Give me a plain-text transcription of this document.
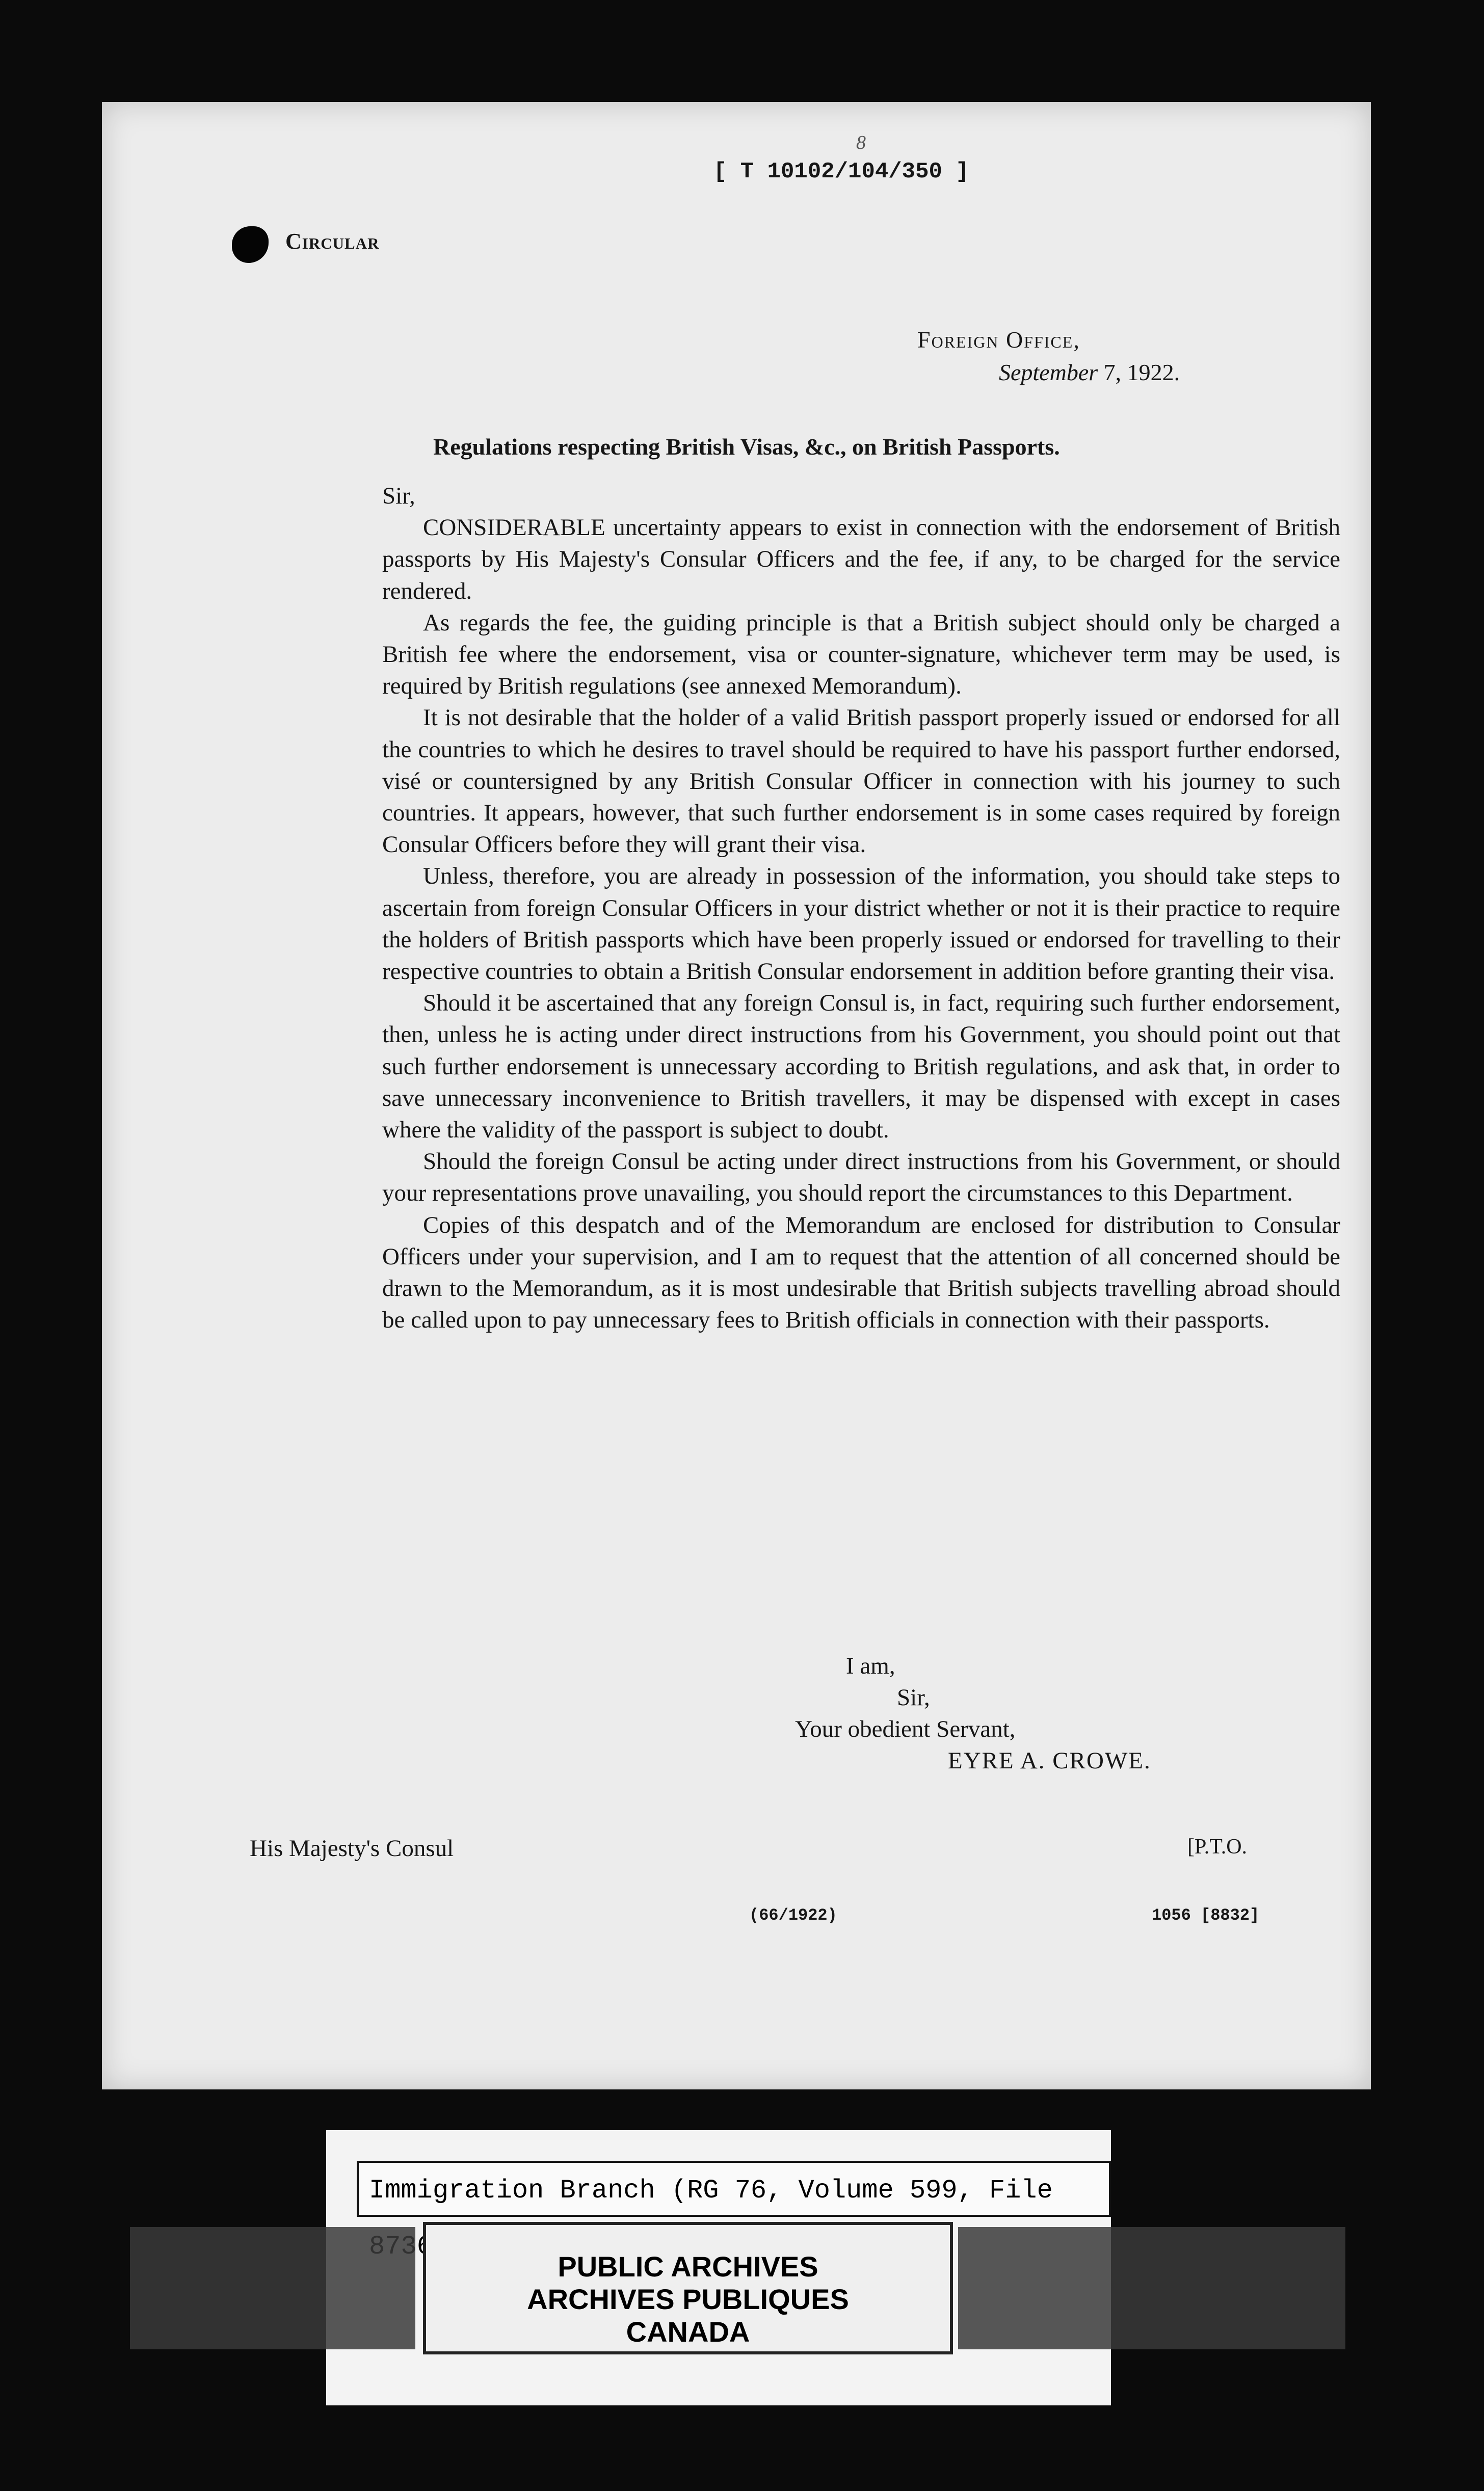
8
[ T 10102/104/350 ]
Circular
Foreign Office,
September 7, 1922.
Regulations respecting British Visas, &c., on British Passports.

Sir,

CONSIDERABLE uncertainty appears to exist in connection with the endorsement of British passports by His Majesty's Consular Officers and the fee, if any, to be charged for the service rendered.

As regards the fee, the guiding principle is that a British subject should only be charged a British fee where the endorsement, visa or counter-signature, whichever term may be used, is required by British regulations (see annexed Memorandum).

It is not desirable that the holder of a valid British passport properly issued or endorsed for all the countries to which he desires to travel should be required to have his passport further endorsed, visé or countersigned by any British Consular Officer in connection with his journey to such countries. It appears, however, that such further endorsement is in some cases required by foreign Consular Officers before they will grant their visa.

Unless, therefore, you are already in possession of the information, you should take steps to ascertain from foreign Consular Officers in your district whether or not it is their practice to require the holders of British passports which have been properly issued or endorsed for travelling to their respective countries to obtain a British Consular endorsement in addition before granting their visa.

Should it be ascertained that any foreign Consul is, in fact, requiring such further endorsement, then, unless he is acting under direct instructions from his Government, you should point out that such further endorsement is unnecessary according to British regulations, and ask that, in order to save unnecessary inconvenience to British travellers, it may be dispensed with except in cases where the validity of the passport is subject to doubt.

Should the foreign Consul be acting under direct instructions from his Government, or should your representations prove unavailing, you should report the circumstances to this Department.

Copies of this despatch and of the Memorandum are enclosed for distribution to Consular Officers under your supervision, and I am to request that the attention of all concerned should be drawn to the Memorandum, as it is most undesirable that British subjects travelling abroad should be called upon to pay unnecessary fees to British officials in connection with their passports.

I am,
Sir,
Your obedient Servant,
EYRE A. CROWE.
His Majesty's Consul	[P.T.O.
(66/1922)	1056 [8832]
Immigration Branch (RG 76, Volume 599, File
PUBLIC ARCHIVES
ARCHIVES PUBLIQUES
CANADA
